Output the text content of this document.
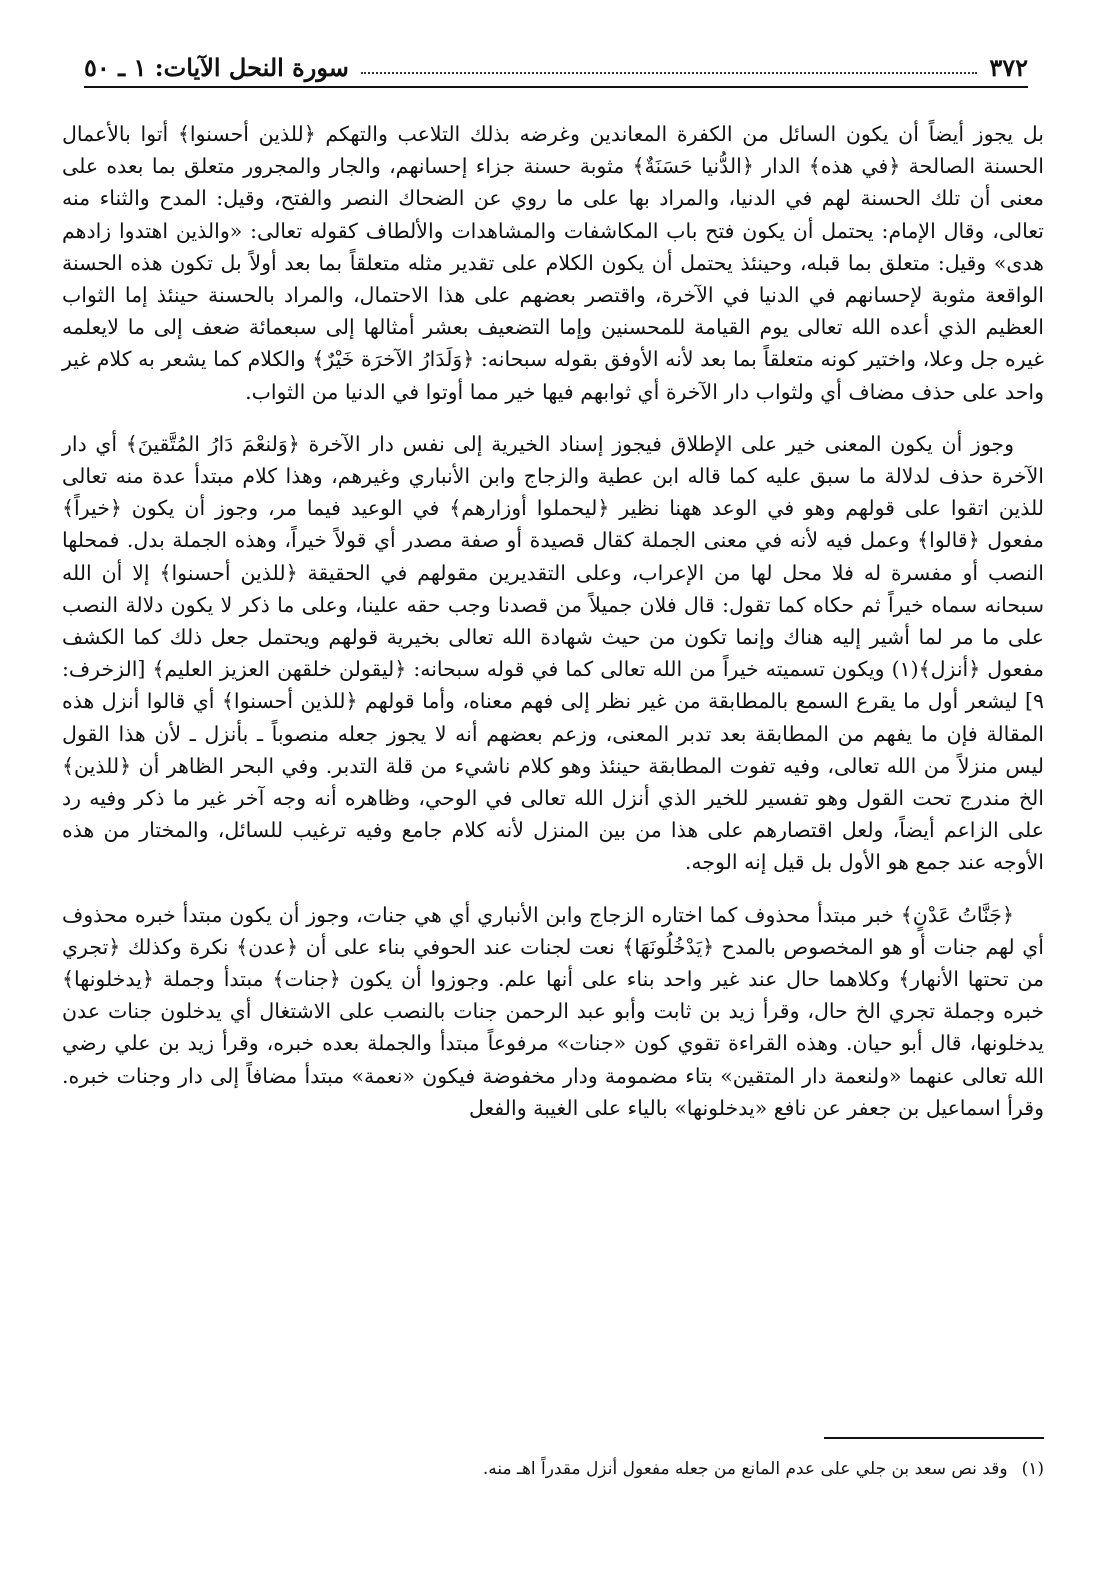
٣٧٢
سورة النحل الآيات: ١ ـ ٥٠

بل يجوز أيضاً أن يكون السائل من الكفرة المعاندين وغرضه بذلك التلاعب والتهكم ﴿للذين أحسنوا﴾ أتوا بالأعمال الحسنة الصالحة ﴿في هذه﴾ الدار ﴿الدُّنيا حَسَنَةٌ﴾ مثوبة حسنة جزاء إحسانهم، والجار والمجرور متعلق بما بعده على معنى أن تلك الحسنة لهم في الدنيا، والمراد بها على ما روي عن الضحاك النصر والفتح، وقيل: المدح والثناء منه تعالى، وقال الإمام: يحتمل أن يكون فتح باب المكاشفات والمشاهدات والألطاف كقوله تعالى: «والذين اهتدوا زادهم هدى» وقيل: متعلق بما قبله، وحينئذ يحتمل أن يكون الكلام على تقدير مثله متعلقاً بما بعد أولاً بل تكون هذه الحسنة الواقعة مثوبة لإحسانهم في الدنيا في الآخرة، واقتصر بعضهم على هذا الاحتمال، والمراد بالحسنة حينئذ إما الثواب العظيم الذي أعده الله تعالى يوم القيامة للمحسنين وإما التضعيف بعشر أمثالها إلى سبعمائة ضعف إلى ما لايعلمه غيره جل وعلا، واختير كونه متعلقاً بما بعد لأنه الأوفق بقوله سبحانه: ﴿وَلَدَارُ الآخرَة خَيْرٌ﴾ والكلام كما يشعر به كلام غير واحد على حذف مضاف أي ولثواب دار الآخرة أي ثوابهم فيها خير مما أوتوا في الدنيا من الثواب.

وجوز أن يكون المعنى خير على الإطلاق فيجوز إسناد الخيرية إلى نفس دار الآخرة ﴿وَلنعْمَ دَارُ المُتَّقينَ﴾ أي دار الآخرة حذف لدلالة ما سبق عليه كما قاله ابن عطية والزجاج وابن الأنباري وغيرهم، وهذا كلام مبتدأ عدة منه تعالى للذين اتقوا على قولهم وهو في الوعد ههنا نظير ﴿ليحملوا أوزارهم﴾ في الوعيد فيما مر، وجوز أن يكون ﴿خيراً﴾ مفعول ﴿قالوا﴾ وعمل فيه لأنه في معنى الجملة كقال قصيدة أو صفة مصدر أي قولاً خيراً، وهذه الجملة بدل. فمحلها النصب أو مفسرة له فلا محل لها من الإعراب، وعلى التقديرين مقولهم في الحقيقة ﴿للذين أحسنوا﴾ إلا أن الله سبحانه سماه خيراً ثم حكاه كما تقول: قال فلان جميلاً من قصدنا وجب حقه علينا، وعلى ما ذكر لا يكون دلالة النصب على ما مر لما أشير إليه هناك وإنما تكون من حيث شهادة الله تعالى بخيرية قولهم ويحتمل جعل ذلك كما الكشف مفعول ﴿أنزل﴾(١) ويكون تسميته خيراً من الله تعالى كما في قوله سبحانه: ﴿ليقولن خلقهن العزيز العليم﴾ [الزخرف: ٩] ليشعر أول ما يقرع السمع بالمطابقة من غير نظر إلى فهم معناه، وأما قولهم ﴿للذين أحسنوا﴾ أي قالوا أنزل هذه المقالة فإن ما يفهم من المطابقة بعد تدبر المعنى، وزعم بعضهم أنه لا يجوز جعله منصوباً ـ بأنزل ـ لأن هذا القول ليس منزلاً من الله تعالى، وفيه تفوت المطابقة حينئذ وهو كلام ناشيء من قلة التدبر. وفي البحر الظاهر أن ﴿للذين﴾ الخ مندرج تحت القول وهو تفسير للخير الذي أنزل الله تعالى في الوحي، وظاهره أنه وجه آخر غير ما ذكر وفيه رد على الزاعم أيضاً، ولعل اقتصارهم على هذا من بين المنزل لأنه كلام جامع وفيه ترغيب للسائل، والمختار من هذه الأوجه عند جمع هو الأول بل قيل إنه الوجه.

﴿جَنَّاتُ عَدْنٍ﴾ خبر مبتدأ محذوف كما اختاره الزجاج وابن الأنباري أي هي جنات، وجوز أن يكون مبتدأ خبره محذوف أي لهم جنات أو هو المخصوص بالمدح ﴿يَدْخُلُونَهَا﴾ نعت لجنات عند الحوفي بناء على أن ﴿عدن﴾ نكرة وكذلك ﴿تجري من تحتها الأنهار﴾ وكلاهما حال عند غير واحد بناء على أنها علم. وجوزوا أن يكون ﴿جنات﴾ مبتدأ وجملة ﴿يدخلونها﴾ خبره وجملة تجري الخ حال، وقرأ زيد بن ثابت وأبو عبد الرحمن جنات بالنصب على الاشتغال أي يدخلون جنات عدن يدخلونها، قال أبو حيان. وهذه القراءة تقوي كون «جنات» مرفوعاً مبتدأ والجملة بعده خبره، وقرأ زيد بن علي رضي الله تعالى عنهما «ولنعمة دار المتقين» بتاء مضمومة ودار مخفوضة فيكون «نعمة» مبتدأ مضافاً إلى دار وجنات خبره. وقرأ اسماعيل بن جعفر عن نافع «يدخلونها» بالياء على الغيبة والفعل

(١)وقد نص سعد بن جلي على عدم المانع من جعله مفعول أنزل مقدراً اهـ منه.
